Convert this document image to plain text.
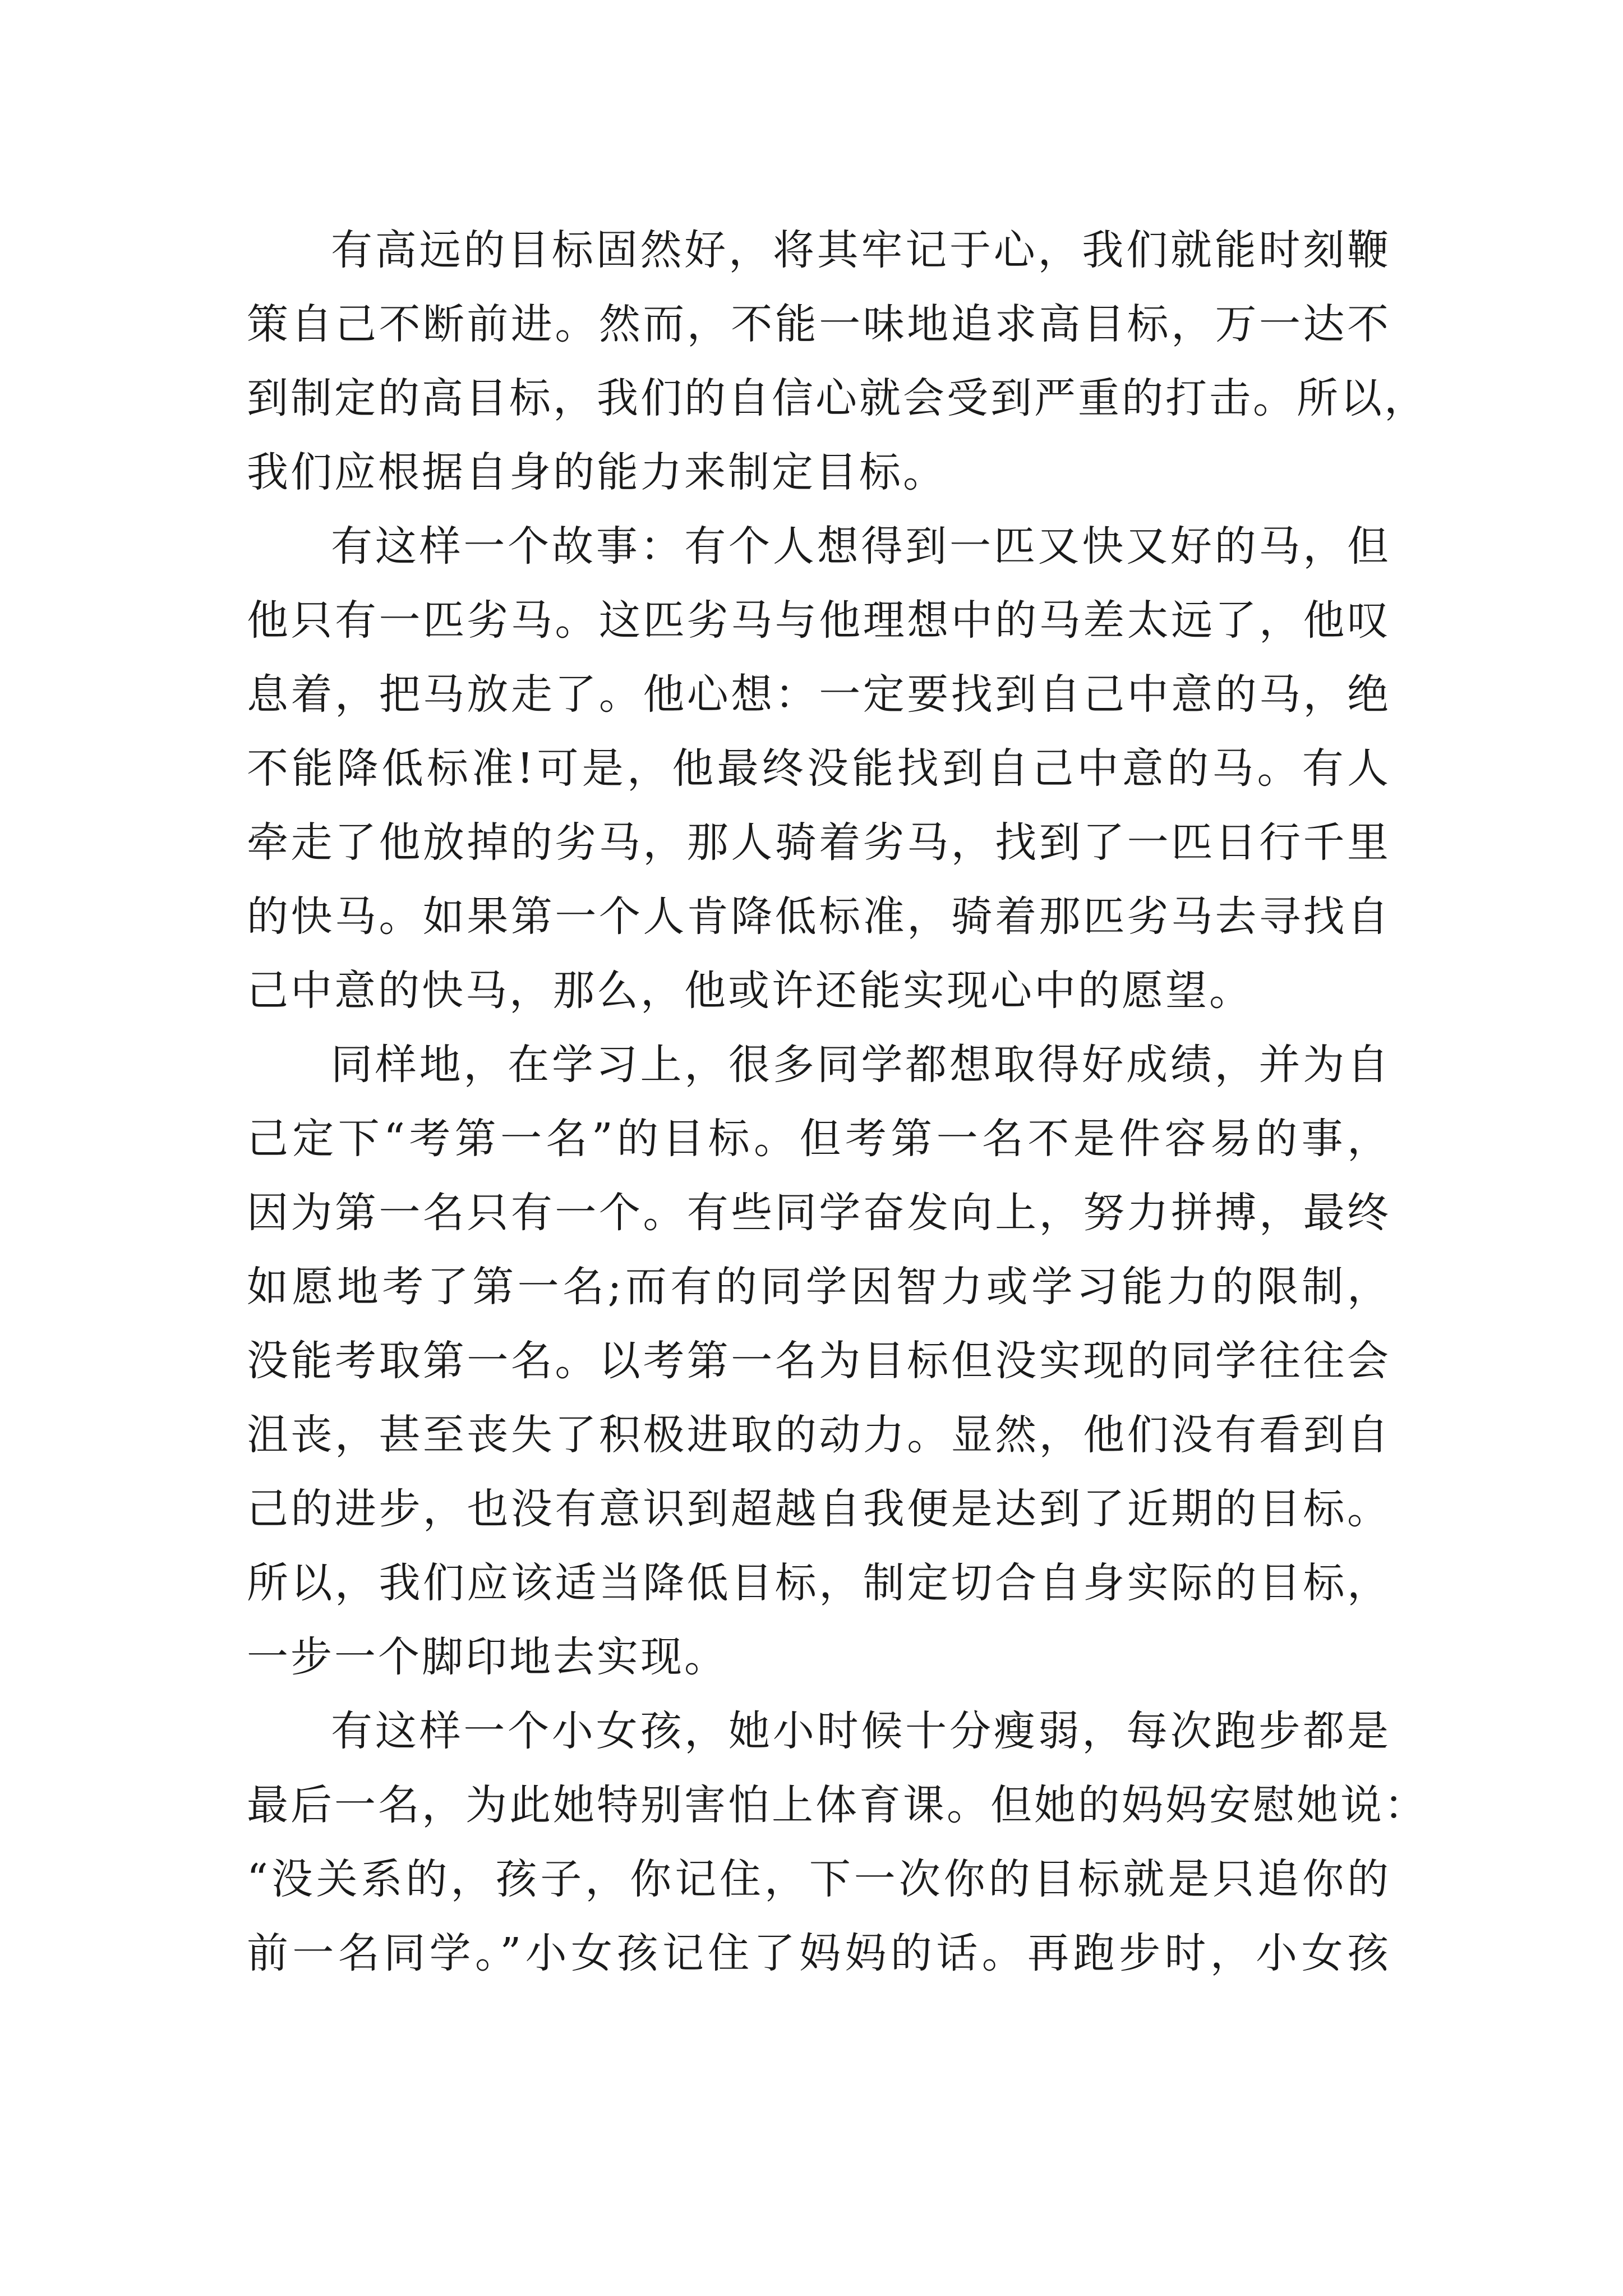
有高远的目标固然好，将其牢记于心，我们就能时刻鞭
策自己不断前进。然而，不能一味地追求高目标，万一达不
到制定的高目标，我们的自信心就会受到严重的打击。所以，
我们应根据自身的能力来制定目标。
有这样一个故事：有个人想得到一匹又快又好的马，但
他只有一匹劣马。这匹劣马与他理想中的马差太远了，他叹
息着，把马放走了。他心想：一定要找到自己中意的马，绝
不能降低标准!可是，他最终没能找到自己中意的马。有人
牵走了他放掉的劣马，那人骑着劣马，找到了一匹日行千里
的快马。如果第一个人肯降低标准，骑着那匹劣马去寻找自
己中意的快马，那么，他或许还能实现心中的愿望。
同样地，在学习上，很多同学都想取得好成绩，并为自
己定下“考第一名”的目标。但考第一名不是件容易的事，
因为第一名只有一个。有些同学奋发向上，努力拼搏，最终
如愿地考了第一名;而有的同学因智力或学习能力的限制，
没能考取第一名。以考第一名为目标但没实现的同学往往会
沮丧，甚至丧失了积极进取的动力。显然，他们没有看到自
己的进步，也没有意识到超越自我便是达到了近期的目标。
所以，我们应该适当降低目标，制定切合自身实际的目标，
一步一个脚印地去实现。
有这样一个小女孩，她小时候十分瘦弱，每次跑步都是
最后一名，为此她特别害怕上体育课。但她的妈妈安慰她说：
“没关系的，孩子，你记住，下一次你的目标就是只追你的
前一名同学。”小女孩记住了妈妈的话。再跑步时，小女孩
